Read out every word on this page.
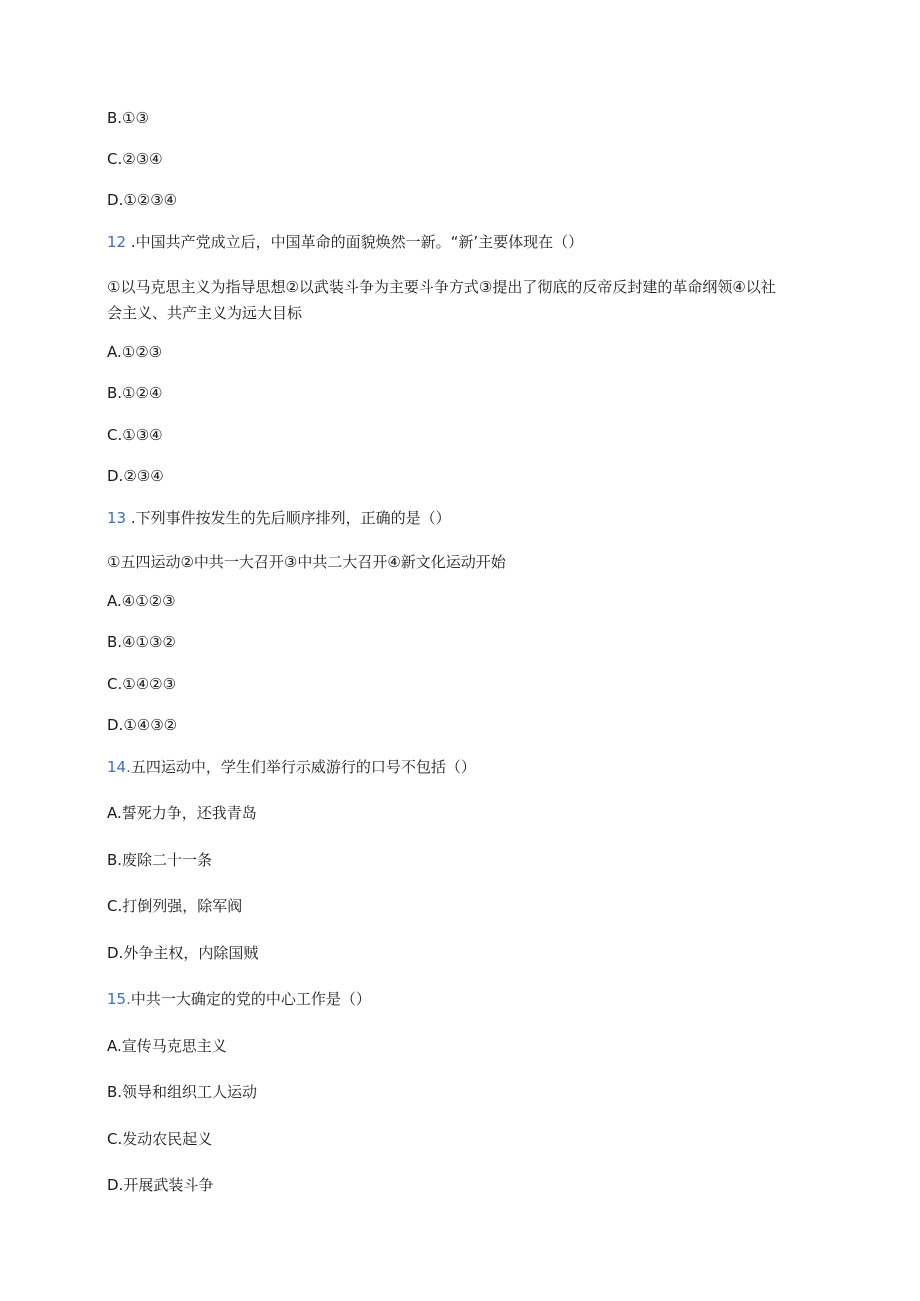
B.①③
C.②③④
D.①②③④
12 .中国共产党成立后，中国革命的面貌焕然一新。“新’主要体现在（）
①以马克思主义为指导思想②以武装斗争为主要斗争方式③提出了彻底的反帝反封建的革命纲领④以社
会主义、共产主义为远大目标
A.①②③
B.①②④
C.①③④
D.②③④
13 .下列事件按发生的先后顺序排列，正确的是（）
①五四运动②中共一大召开③中共二大召开④新文化运动开始
A.④①②③
B.④①③②
C.①④②③
D.①④③②
14.五四运动中，学生们举行示威游行的口号不包括（）
A.誓死力争，还我青岛
B.废除二十一条
C.打倒列强，除军阀
D.外争主权，内除国贼
15.中共一大确定的党的中心工作是（）
A.宣传马克思主义
B.领导和组织工人运动
C.发动农民起义
D.开展武装斗争
